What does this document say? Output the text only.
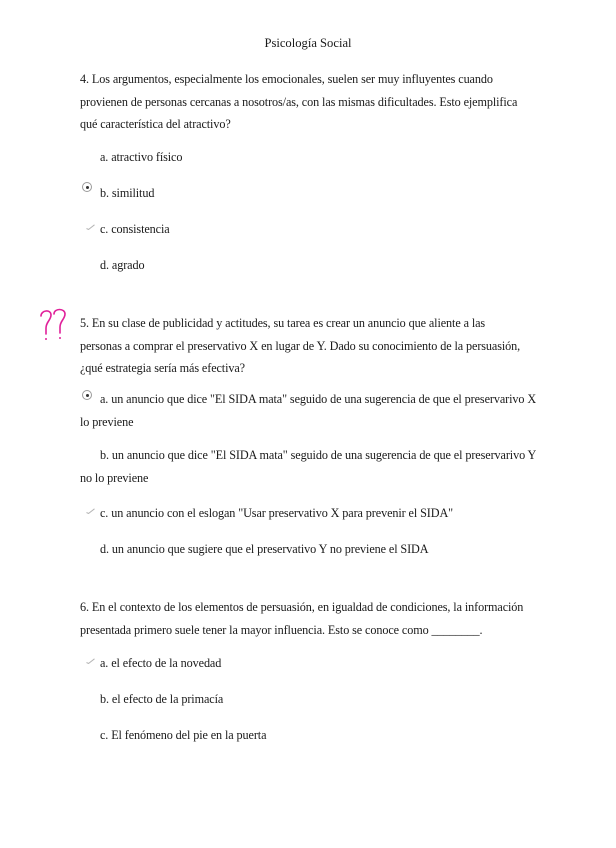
Psicología Social
4. Los argumentos, especialmente los emocionales, suelen ser muy influyentes cuando
provienen de personas cercanas a nosotros/as, con las mismas dificultades. Esto ejemplifica
qué característica del atractivo?
a. atractivo físico
b. similitud
c. consistencia
d. agrado
5. En su clase de publicidad y actitudes, su tarea es crear un anuncio que aliente a las
personas a comprar el preservativo X en lugar de Y. Dado su conocimiento de la persuasión,
¿qué estrategia sería más efectiva?
a. un anuncio que dice "El SIDA mata" seguido de una sugerencia de que el preservarivo X lo previene
b. un anuncio que dice "El SIDA mata" seguido de una sugerencia de que el preservarivo Y no lo previene
c. un anuncio con el eslogan "Usar preservativo X para prevenir el SIDA"
d. un anuncio que sugiere que el preservativo Y no previene el SIDA
6. En el contexto de los elementos de persuasión, en igualdad de condiciones, la información
presentada primero suele tener la mayor influencia. Esto se conoce como ________.
a. el efecto de la novedad
b. el efecto de la primacía
c. El fenómeno del pie en la puerta
